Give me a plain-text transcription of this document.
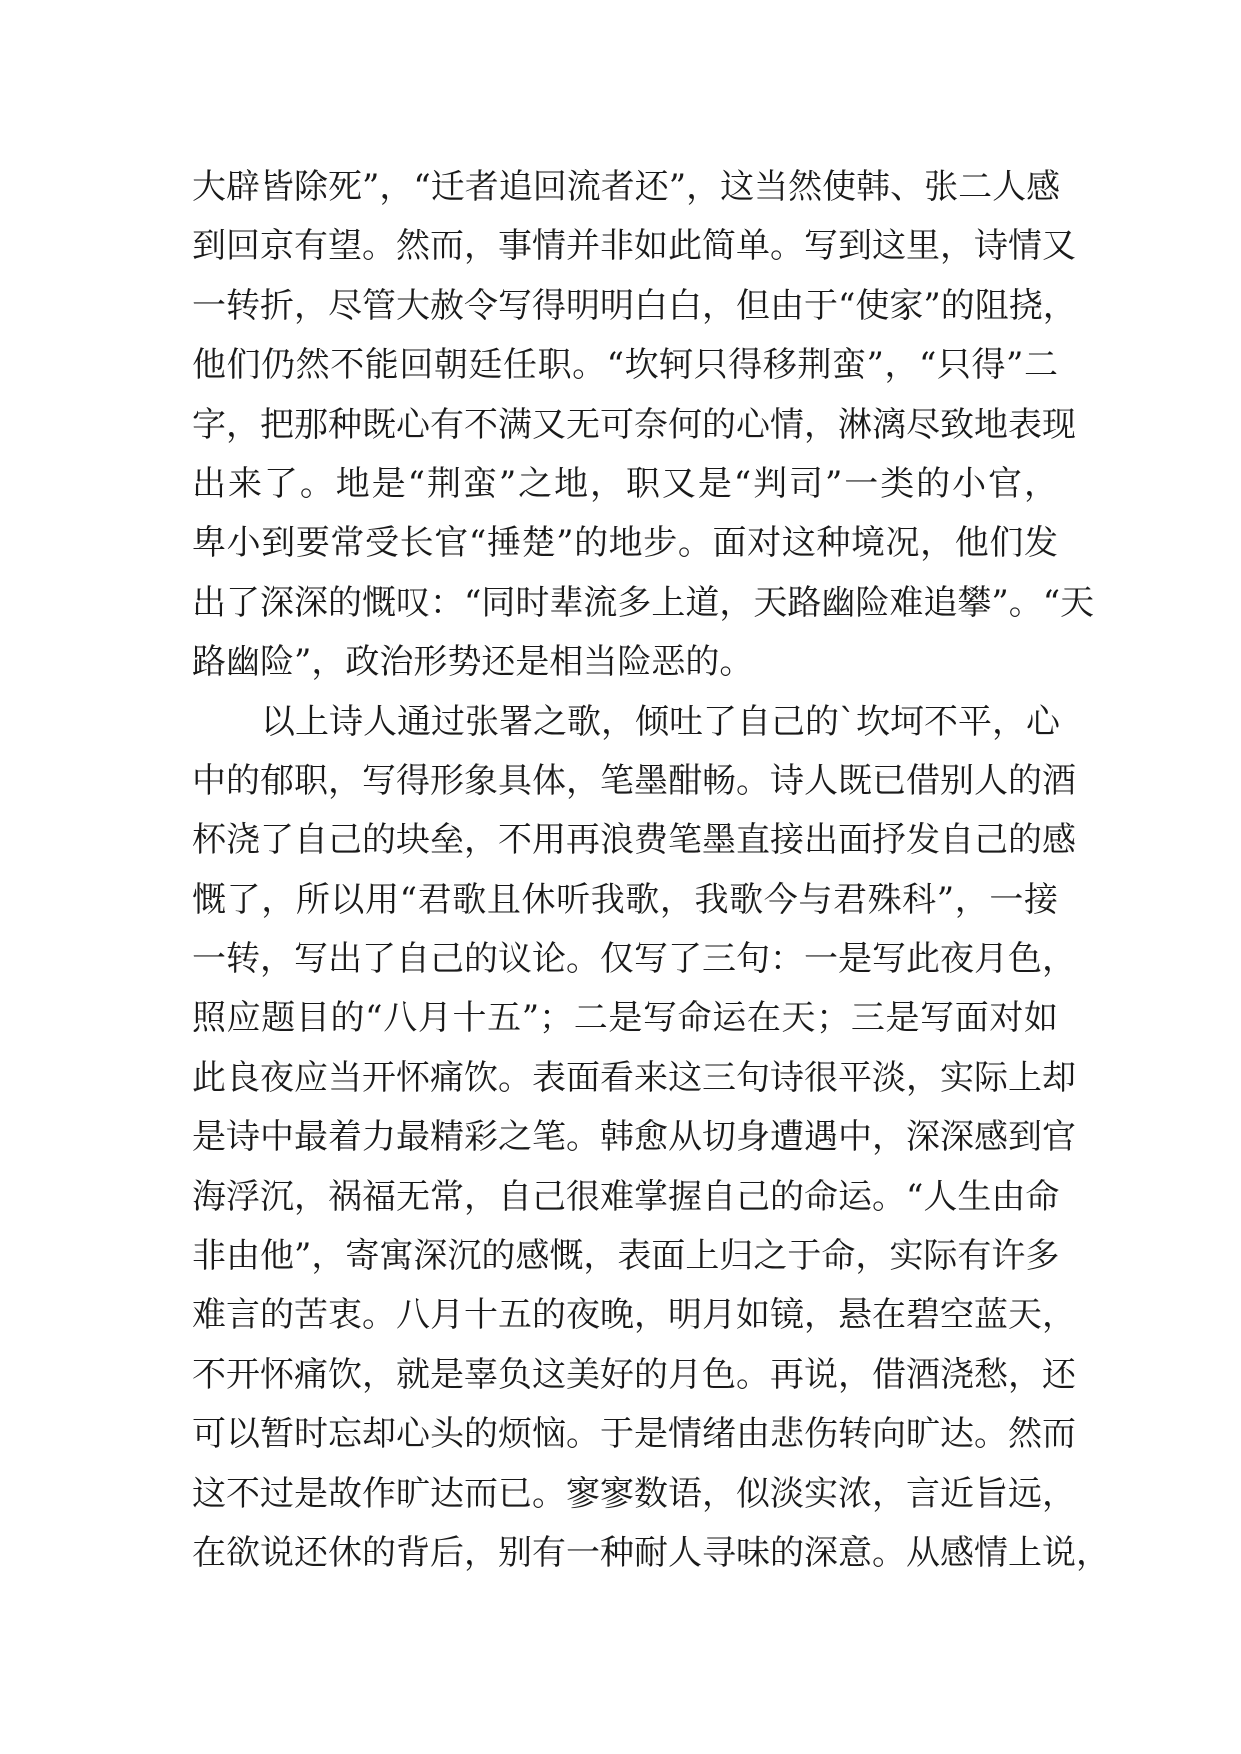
大辟皆除死”，“迁者追回流者还”，这当然使韩、张二人感
到回京有望。然而，事情并非如此简单。写到这里，诗情又
一转折，尽管大赦令写得明明白白，但由于“使家”的阻挠，
他们仍然不能回朝廷任职。“坎轲只得移荆蛮”，“只得”二
字，把那种既心有不满又无可奈何的心情，淋漓尽致地表现
出来了。地是“荆蛮”之地，职又是“判司”一类的小官，
卑小到要常受长官“捶楚”的地步。面对这种境况，他们发
出了深深的慨叹：“同时辈流多上道，天路幽险难追攀”。“天
路幽险”，政治形势还是相当险恶的。
以上诗人通过张署之歌，倾吐了自己的`坎坷不平，心
中的郁职，写得形象具体，笔墨酣畅。诗人既已借别人的酒
杯浇了自己的块垒，不用再浪费笔墨直接出面抒发自己的感
慨了，所以用“君歌且休听我歌，我歌今与君殊科”，一接
一转，写出了自己的议论。仅写了三句：一是写此夜月色，
照应题目的“八月十五”；二是写命运在天；三是写面对如
此良夜应当开怀痛饮。表面看来这三句诗很平淡，实际上却
是诗中最着力最精彩之笔。韩愈从切身遭遇中，深深感到官
海浮沉，祸福无常，自己很难掌握自己的命运。“人生由命
非由他”，寄寓深沉的感慨，表面上归之于命，实际有许多
难言的苦衷。八月十五的夜晚，明月如镜，悬在碧空蓝天，
不开怀痛饮，就是辜负这美好的月色。再说，借酒浇愁，还
可以暂时忘却心头的烦恼。于是情绪由悲伤转向旷达。然而
这不过是故作旷达而已。寥寥数语，似淡实浓，言近旨远，
在欲说还休的背后，别有一种耐人寻味的深意。从感情上说，
